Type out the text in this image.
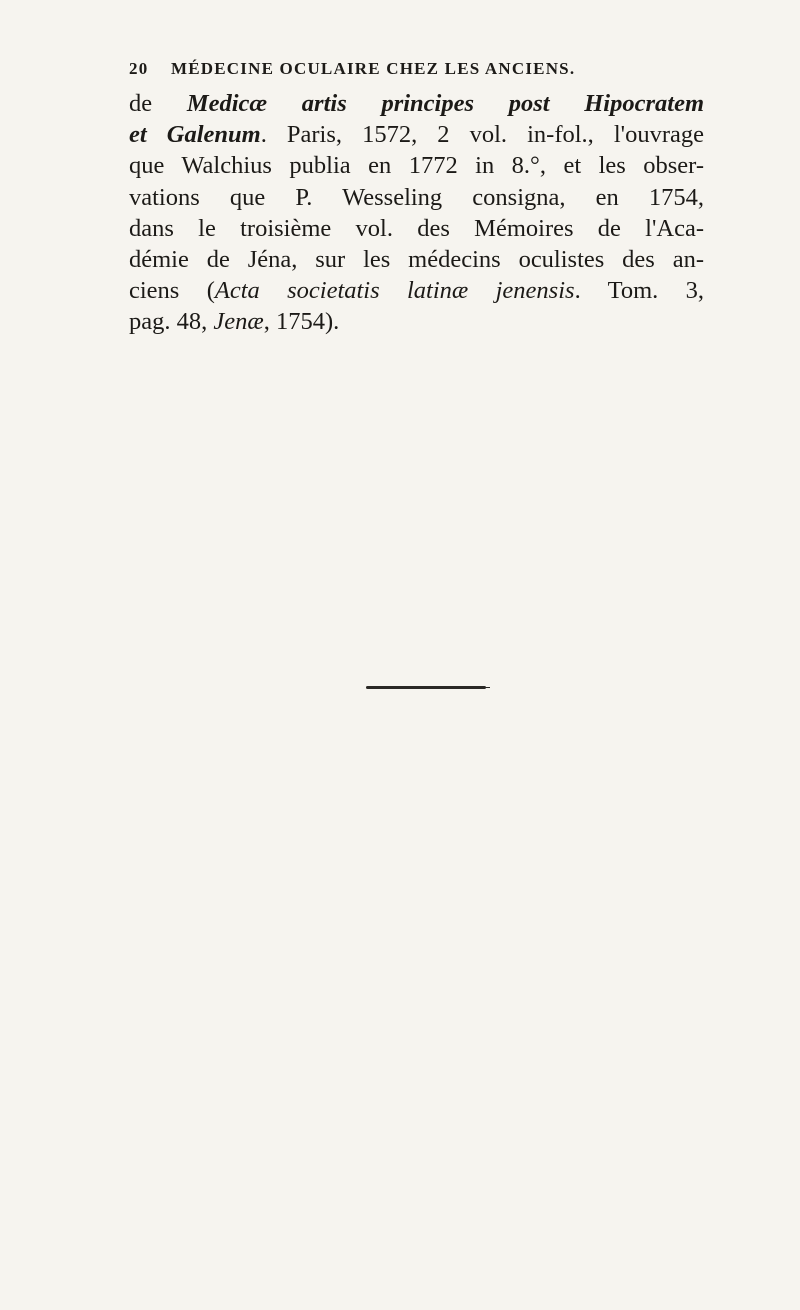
20 MÉDECINE OCULAIRE CHEZ LES ANCIENS.
de Medicæ artis principes post Hipocratem
et Galenum. Paris, 1572, 2 vol. in-fol., l'ouvrage
que Walchius publia en 1772 in 8.°, et les obser-
vations que P. Wesseling consigna, en 1754,
dans le troisième vol. des Mémoires de l'Aca-
démie de Jéna, sur les médecins oculistes des an-
ciens (Acta societatis latinæ jenensis. Tom. 3,
pag. 48, Jenæ, 1754).
